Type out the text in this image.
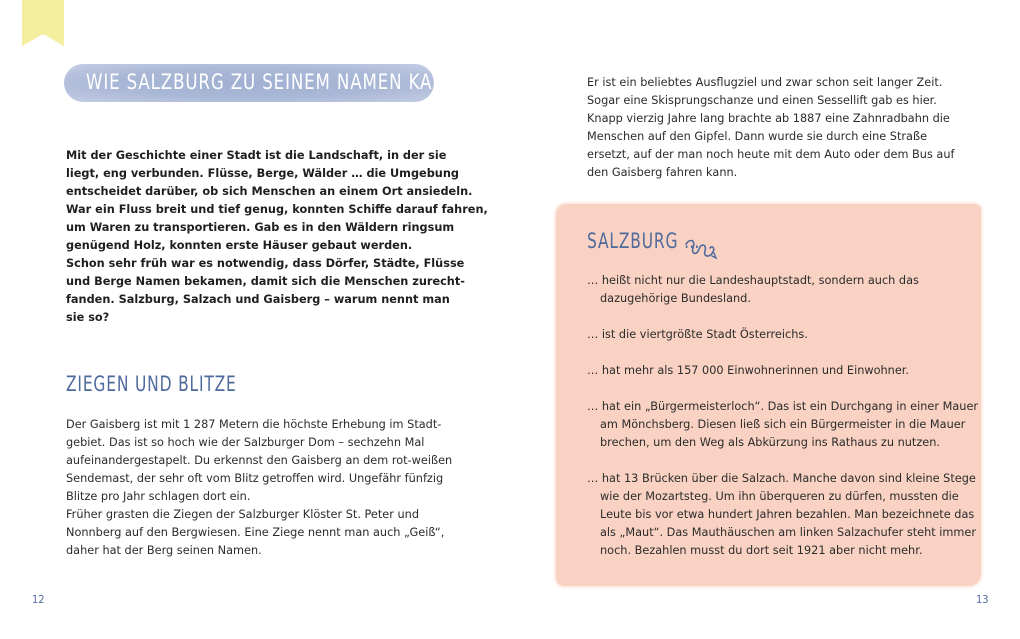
WIE SALZBURG ZU SEINEM NAMEN KAM
Mit der Geschichte einer Stadt ist die Landschaft, in der sie
liegt, eng verbunden. Flüsse, Berge, Wälder … die Umgebung
entscheidet darüber, ob sich Menschen an einem Ort ansiedeln.
War ein Fluss breit und tief genug, konnten Schiffe darauf fahren,
um Waren zu transportieren. Gab es in den Wäldern ringsum
genügend Holz, konnten erste Häuser gebaut werden.
Schon sehr früh war es notwendig, dass Dörfer, Städte, Flüsse
und Berge Namen bekamen, damit sich die Menschen zurecht-
fanden. Salzburg, Salzach und Gaisberg – warum nennt man
sie so?
ZIEGEN UND BLITZE
Der Gaisberg ist mit 1 287 Metern die höchste Erhebung im Stadt-
gebiet. Das ist so hoch wie der Salzburger Dom – sechzehn Mal
aufeinandergestapelt. Du erkennst den Gaisberg an dem rot-weißen
Sendemast, der sehr oft vom Blitz getroffen wird. Ungefähr fünfzig
Blitze pro Jahr schlagen dort ein.
Früher grasten die Ziegen der Salzburger Klöster St. Peter und
Nonnberg auf den Bergwiesen. Eine Ziege nennt man auch „Geiß“,
daher hat der Berg seinen Namen.
12
Er ist ein beliebtes Ausflugziel und zwar schon seit langer Zeit.
Sogar eine Skisprungschanze und einen Sessellift gab es hier.
Knapp vierzig Jahre lang brachte ab 1887 eine Zahnradbahn die
Menschen auf den Gipfel. Dann wurde sie durch eine Straße
ersetzt, auf der man noch heute mit dem Auto oder dem Bus auf
den Gaisberg fahren kann.
SALZBURG …
… heißt nicht nur die Landeshauptstadt, sondern auch das
dazugehörige Bundesland.
… ist die viertgrößte Stadt Österreichs.
… hat mehr als 157 000 Einwohnerinnen und Einwohner.
… hat ein „Bürgermeisterloch“. Das ist ein Durchgang in einer Mauer
am Mönchsberg. Diesen ließ sich ein Bürgermeister in die Mauer
brechen, um den Weg als Abkürzung ins Rathaus zu nutzen.
… hat 13 Brücken über die Salzach. Manche davon sind kleine Stege
wie der Mozartsteg. Um ihn überqueren zu dürfen, mussten die
Leute bis vor etwa hundert Jahren bezahlen. Man bezeichnete das
als „Maut“. Das Mauthäuschen am linken Salzachufer steht immer
noch. Bezahlen musst du dort seit 1921 aber nicht mehr.
13
